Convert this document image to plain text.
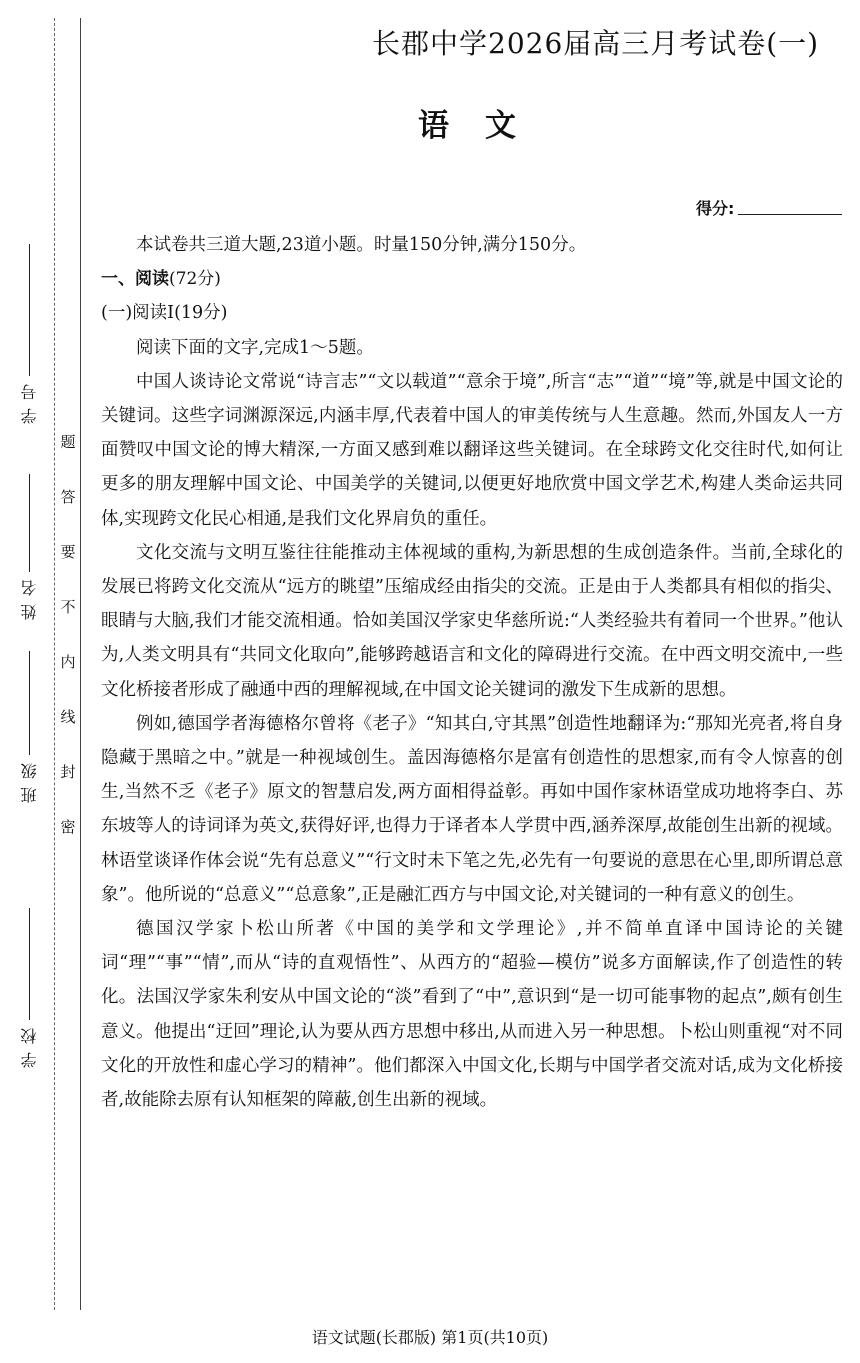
学号
姓名
班级
学校
题
答
要
不
内
线
封
密
长郡中学2026届高三月考试卷(一)
语文
得分:

本试卷共三道大题,23道小题。时量150分钟,满分150分。

一、阅读(72分)

(一)阅读Ⅰ(19分)

阅读下面的文字,完成1～5题。

中国人谈诗论文常说“诗言志”“文以载道”“意余于境”,所言“志”“道”“境”等,就是中国文论的关键词。这些字词渊源深远,内涵丰厚,代表着中国人的审美传统与人生意趣。然而,外国友人一方面赞叹中国文论的博大精深,一方面又感到难以翻译这些关键词。在全球跨文化交往时代,如何让更多的朋友理解中国文论、中国美学的关键词,以便更好地欣赏中国文学艺术,构建人类命运共同体,实现跨文化民心相通,是我们文化界肩负的重任。

文化交流与文明互鉴往往能推动主体视域的重构,为新思想的生成创造条件。当前,全球化的发展已将跨文化交流从“远方的眺望”压缩成经由指尖的交流。正是由于人类都具有相似的指尖、眼睛与大脑,我们才能交流相通。恰如美国汉学家史华慈所说:“人类经验共有着同一个世界。”他认为,人类文明具有“共同文化取向”,能够跨越语言和文化的障碍进行交流。在中西文明交流中,一些文化桥接者形成了融通中西的理解视域,在中国文论关键词的激发下生成新的思想。

例如,德国学者海德格尔曾将《老子》“知其白,守其黑”创造性地翻译为:“那知光亮者,将自身隐藏于黑暗之中。”就是一种视域创生。盖因海德格尔是富有创造性的思想家,而有令人惊喜的创生,当然不乏《老子》原文的智慧启发,两方面相得益彰。再如中国作家林语堂成功地将李白、苏东坡等人的诗词译为英文,获得好评,也得力于译者本人学贯中西,涵养深厚,故能创生出新的视域。林语堂谈译作体会说“先有总意义”“行文时未下笔之先,必先有一句要说的意思在心里,即所谓总意象”。他所说的“总意义”“总意象”,正是融汇西方与中国文论,对关键词的一种有意义的创生。

德国汉学家卜松山所著《中国的美学和文学理论》,并不简单直译中国诗论的关键词“理”“事”“情”,而从“诗的直观悟性”、从西方的“超验—模仿”说多方面解读,作了创造性的转化。法国汉学家朱利安从中国文论的“淡”看到了“中”,意识到“是一切可能事物的起点”,颇有创生意义。他提出“迂回”理论,认为要从西方思想中移出,从而进入另一种思想。卜松山则重视“对不同文化的开放性和虚心学习的精神”。他们都深入中国文化,长期与中国学者交流对话,成为文化桥接者,故能除去原有认知框架的障蔽,创生出新的视域。

语文试题(长郡版) 第1页(共10页)
